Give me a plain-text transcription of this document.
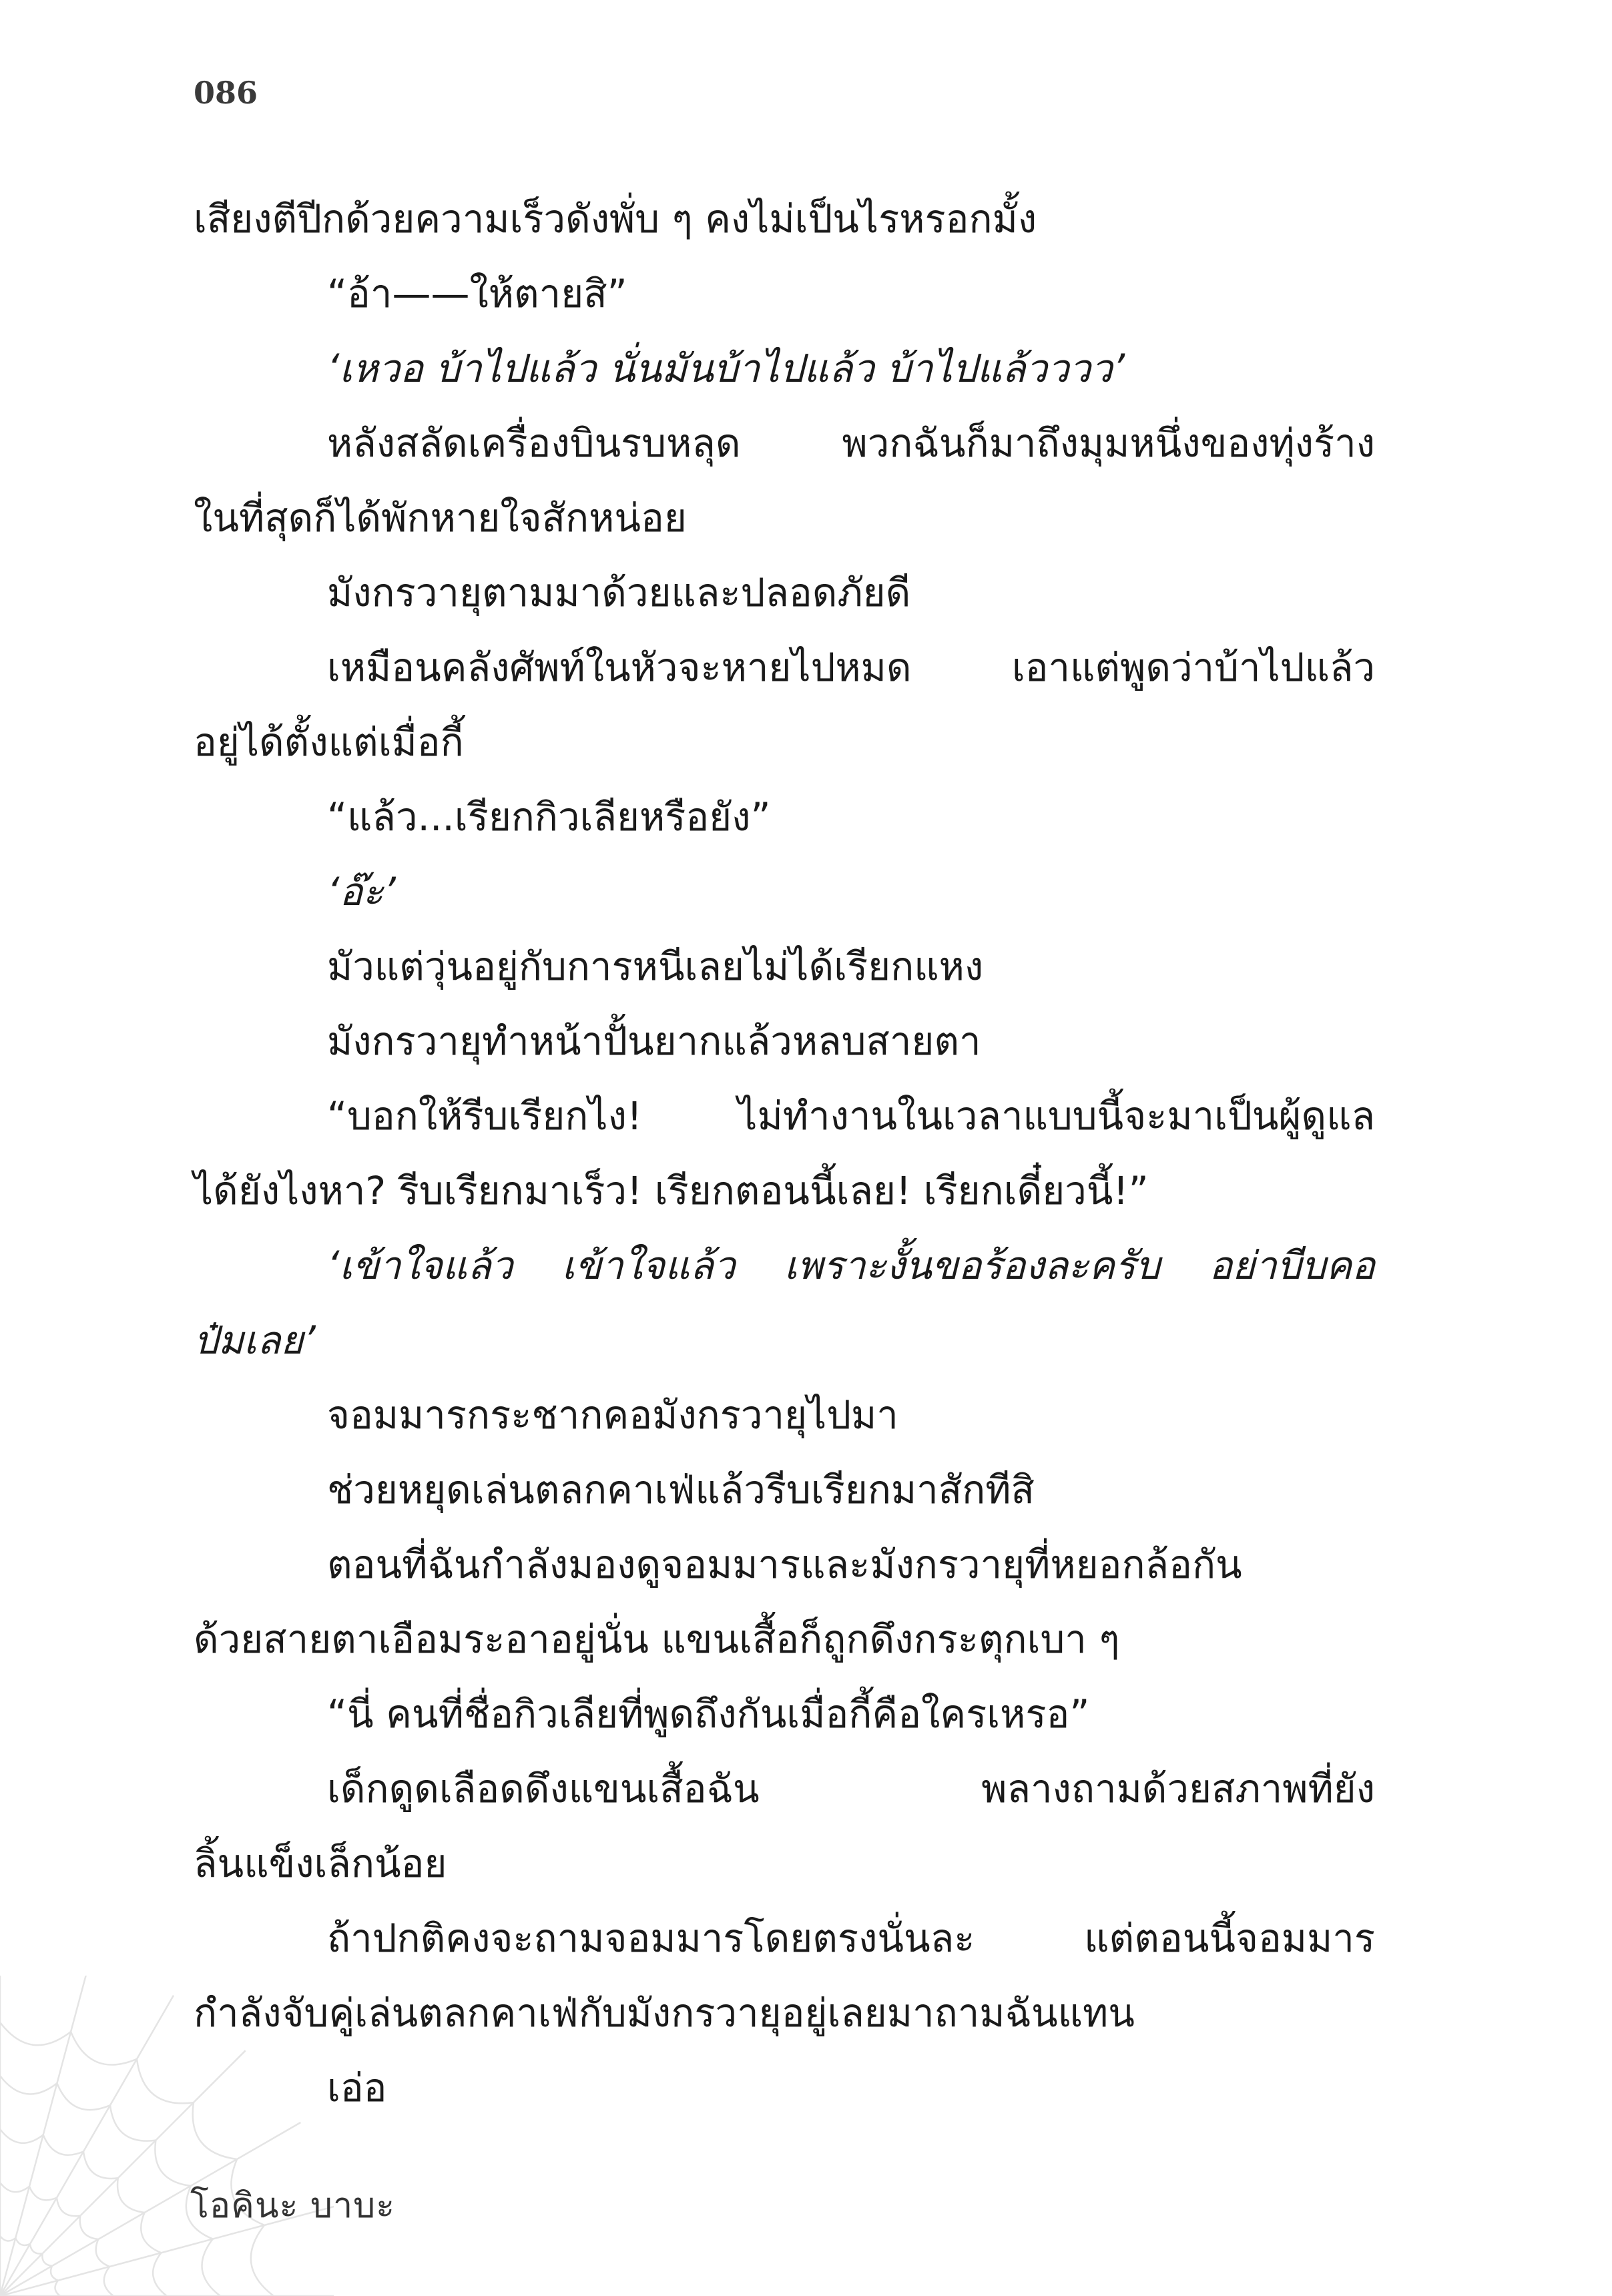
086
เสียงตีปีกด้วยความเร็วดังพั่บ ๆ คงไม่เป็นไรหรอกมั้ง
“อ้า——ให้ตายสิ”
‘เหวอ บ้าไปแล้ว นั่นมันบ้าไปแล้ว บ้าไปแล้วววว’
หลังสลัดเครื่องบินรบหลุด พวกฉันก็มาถึงมุมหนึ่งของทุ่งร้าง
ในที่สุดก็ได้พักหายใจสักหน่อย
มังกรวายุตามมาด้วยและปลอดภัยดี
เหมือนคลังศัพท์ในหัวจะหายไปหมด เอาแต่พูดว่าบ้าไปแล้ว
อยู่ได้ตั้งแต่เมื่อกี้
“แล้ว...เรียกกิวเลียหรือยัง”
‘อ๊ะ’
มัวแต่วุ่นอยู่กับการหนีเลยไม่ได้เรียกแหง
มังกรวายุทำหน้าปั้นยากแล้วหลบสายตา
“บอกให้รีบเรียกไง! ไม่ทำงานในเวลาแบบนี้จะมาเป็นผู้ดูแล
ได้ยังไงหา? รีบเรียกมาเร็ว! เรียกตอนนี้เลย! เรียกเดี๋ยวนี้!”
‘เข้าใจแล้ว เข้าใจแล้ว เพราะงั้นขอร้องละครับ อย่าบีบคอ
ป๋มเลย’
จอมมารกระชากคอมังกรวายุไปมา
ช่วยหยุดเล่นตลกคาเฟ่แล้วรีบเรียกมาสักทีสิ
ตอนที่ฉันกำลังมองดูจอมมารและมังกรวายุที่หยอกล้อกัน
ด้วยสายตาเอือมระอาอยู่นั่น แขนเสื้อก็ถูกดึงกระตุกเบา ๆ
“นี่ คนที่ชื่อกิวเลียที่พูดถึงกันเมื่อกี้คือใครเหรอ”
เด็กดูดเลือดดึงแขนเสื้อฉัน พลางถามด้วยสภาพที่ยัง
ลิ้นแข็งเล็กน้อย
ถ้าปกติคงจะถามจอมมารโดยตรงนั่นละ แต่ตอนนี้จอมมาร
กำลังจับคู่เล่นตลกคาเฟ่กับมังกรวายุอยู่เลยมาถามฉันแทน
เอ่อ
โอคินะ บาบะ
